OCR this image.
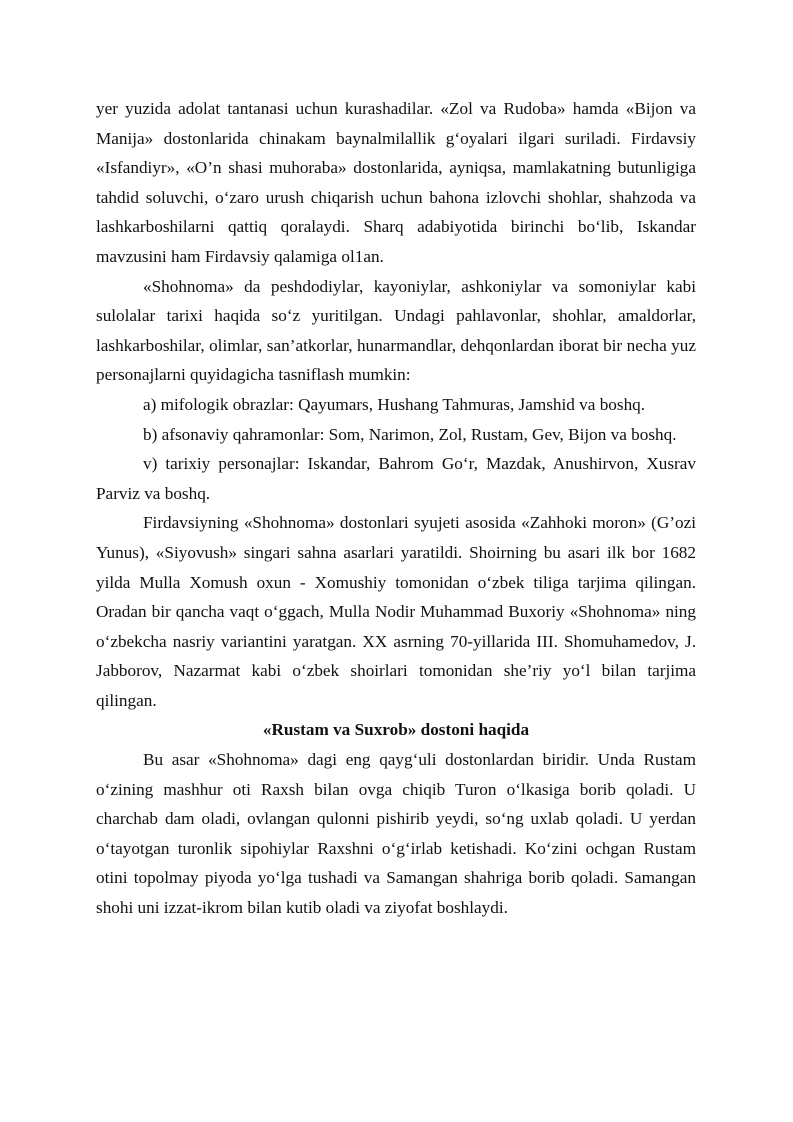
yer yuzida adolat tantanasi uchun kurashadilar. «Zol va Rudoba» hamda «Bijon va Manija» dostonlarida chinakam baynalmilallik g‘oyalari ilgari suriladi. Firdavsiy «Isfandiyr», «O’n shasi muhoraba» dostonlarida, ayniqsa, mamlakatning butunligiga tahdid soluvchi, o‘zaro urush chiqarish uchun bahona izlovchi shohlar, shahzoda va lashkarboshilarni qattiq qoralaydi. Sharq adabiyotida birinchi bo‘lib, Iskandar mavzusini ham Firdavsiy qalamiga ol1an.

«Shohnoma» da peshdodiylar, kayoniylar, ashkoniylar va somoniylar kabi sulolalar tarixi haqida so‘z yuritilgan. Undagi pahlavonlar, shohlar, amaldorlar, lashkarboshilar, olimlar, san’atkorlar, hunarmandlar, dehqonlardan iborat bir necha yuz personajlarni quyidagicha tasniflash mumkin:

a) mifologik obrazlar: Qayumars, Hushang Tahmuras, Jamshid va boshq.

b) afsonaviy qahramonlar: Som, Narimon, Zol, Rustam, Gev, Bijon va boshq.

v) tarixiy personajlar: Iskandar, Bahrom Go‘r, Mazdak, Anushirvon, Xusrav Parviz va boshq.

Firdavsiyning «Shohnoma» dostonlari syujeti asosida «Zahhoki moron» (G’ozi Yunus), «Siyovush» singari sahna asarlari yaratildi. Shoirning bu asari ilk bor 1682 yilda Mulla Xomush oxun - Xomushiy tomonidan o‘zbek tiliga tarjima qilingan. Oradan bir qancha vaqt o‘ggach, Mulla Nodir Muhammad Buxoriy «Shohnoma» ning o‘zbekcha nasriy variantini yaratgan. XX asrning 70-yillarida III. Shomuhamedov, J. Jabborov, Nazarmat kabi o‘zbek shoirlari tomonidan she’riy yo‘l bilan tarjima qilingan.

«Rustam va Suxrob» dostoni haqida

Bu asar «Shohnoma» dagi eng qayg‘uli dostonlardan biridir. Unda Rustam o‘zining mashhur oti Raxsh bilan ovga chiqib Turon o‘lkasiga borib qoladi. U charchab dam oladi, ovlangan qulonni pishirib yeydi, so‘ng uxlab qoladi. U yerdan o‘tayotgan turonlik sipohiylar Raxshni o‘g‘irlab ketishadi. Ko‘zini ochgan Rustam otini topolmay piyoda yo‘lga tushadi va Samangan shahriga borib qoladi. Samangan shohi uni izzat-ikrom bilan kutib oladi va ziyofat boshlaydi.
